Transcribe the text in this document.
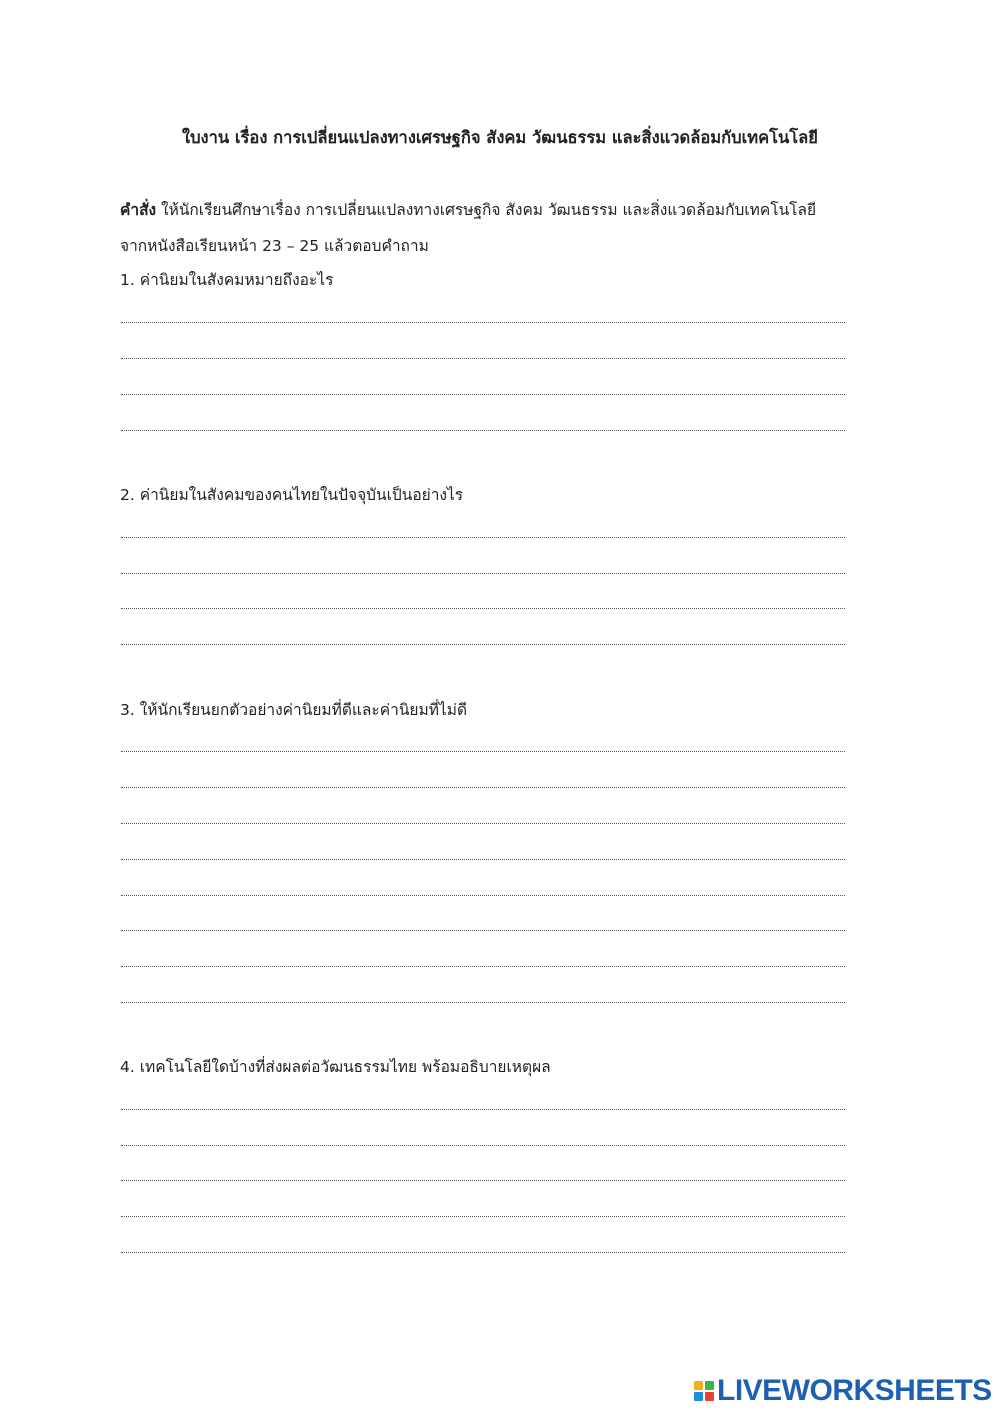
ใบงาน เรื่อง การเปลี่ยนแปลงทางเศรษฐกิจ สังคม วัฒนธรรม และสิ่งแวดล้อมกับเทคโนโลยี
คำสั่ง ให้นักเรียนศึกษาเรื่อง การเปลี่ยนแปลงทางเศรษฐกิจ สังคม วัฒนธรรม และสิ่งแวดล้อมกับเทคโนโลยี
จากหนังสือเรียนหน้า 23 – 25 แล้วตอบคำถาม
1. ค่านิยมในสังคมหมายถึงอะไร
2. ค่านิยมในสังคมของคนไทยในปัจจุบันเป็นอย่างไร
3. ให้นักเรียนยกตัวอย่างค่านิยมที่ดีและค่านิยมที่ไม่ดี
4. เทคโนโลยีใดบ้างที่ส่งผลต่อวัฒนธรรมไทย พร้อมอธิบายเหตุผล
LIVEWORKSHEETS
